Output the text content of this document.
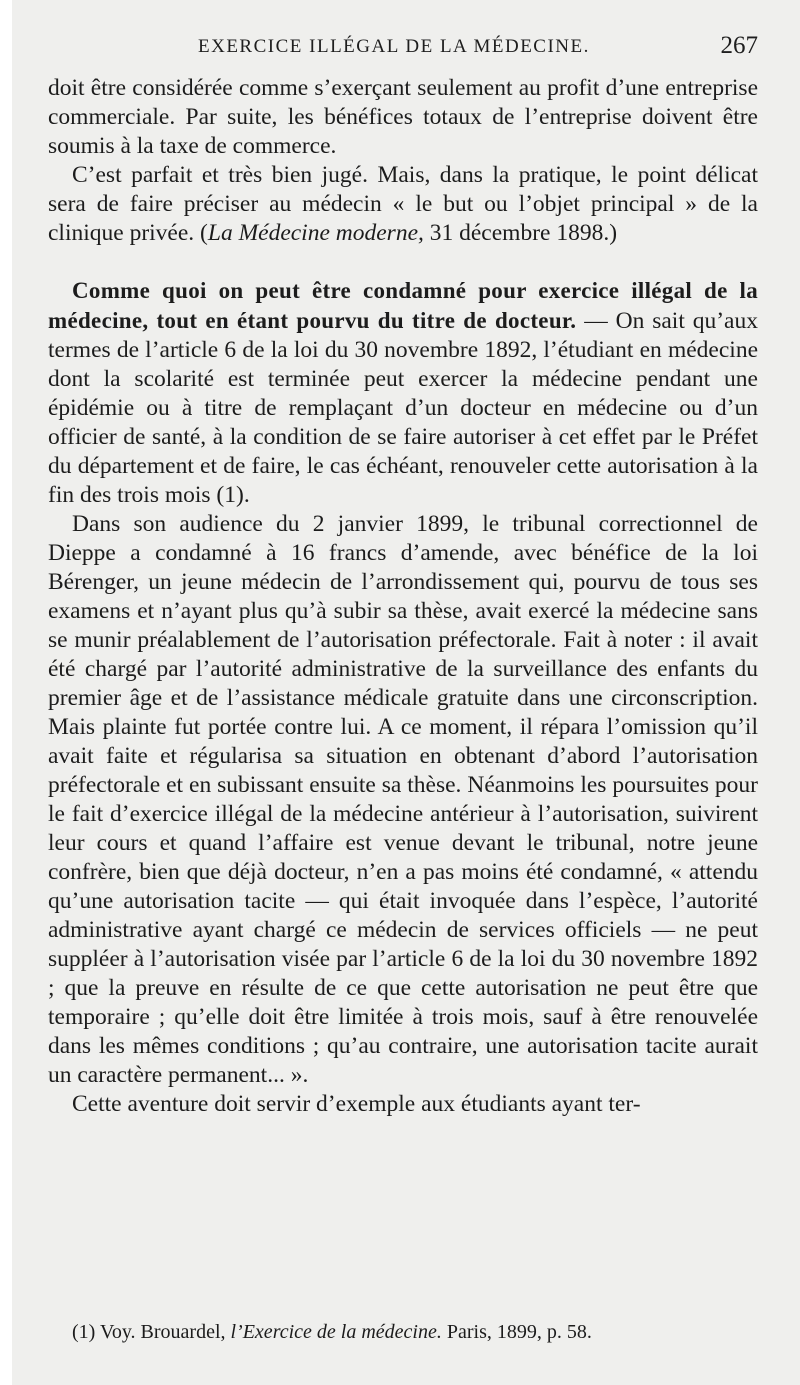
EXERCICE ILLÉGAL DE LA MÉDECINE.	267

doit être considérée comme s’exerçant seulement au profit d’une entreprise commerciale. Par suite, les bénéfices totaux de l’entreprise doivent être soumis à la taxe de commerce.

C’est parfait et très bien jugé. Mais, dans la pratique, le point délicat sera de faire préciser au médecin « le but ou l’objet principal » de la clinique privée. (La Médecine moderne, 31 décembre 1898.)

Comme quoi on peut être condamné pour exercice illégal de la médecine, tout en étant pourvu du titre de docteur. — On sait qu’aux termes de l’article 6 de la loi du 30 novembre 1892, l’étudiant en médecine dont la scolarité est terminée peut exercer la médecine pendant une épidémie ou à titre de remplaçant d’un docteur en médecine ou d’un officier de santé, à la condition de se faire autoriser à cet effet par le Préfet du département et de faire, le cas échéant, renouveler cette autorisation à la fin des trois mois (1).

Dans son audience du 2 janvier 1899, le tribunal correctionnel de Dieppe a condamné à 16 francs d’amende, avec bénéfice de la loi Bérenger, un jeune médecin de l’arrondissement qui, pourvu de tous ses examens et n’ayant plus qu’à subir sa thèse, avait exercé la médecine sans se munir préalablement de l’autorisation préfectorale. Fait à noter : il avait été chargé par l’autorité administrative de la surveillance des enfants du premier âge et de l’assistance médicale gratuite dans une circonscription. Mais plainte fut portée contre lui. A ce moment, il répara l’omission qu’il avait faite et régularisa sa situation en obtenant d’abord l’autorisation préfectorale et en subissant ensuite sa thèse. Néanmoins les poursuites pour le fait d’exercice illégal de la médecine antérieur à l’autorisation, suivirent leur cours et quand l’affaire est venue devant le tribunal, notre jeune confrère, bien que déjà docteur, n’en a pas moins été condamné, « attendu qu’une autorisation tacite — qui était invoquée dans l’espèce, l’autorité administrative ayant chargé ce médecin de services officiels — ne peut suppléer à l’autorisation visée par l’article 6 de la loi du 30 novembre 1892 ; que la preuve en résulte de ce que cette autorisation ne peut être que temporaire ; qu’elle doit être limitée à trois mois, sauf à être renouvelée dans les mêmes conditions ; qu’au contraire, une autorisation tacite aurait un caractère permanent... ».

Cette aventure doit servir d’exemple aux étudiants ayant ter-

(1) Voy. Brouardel, l’Exercice de la médecine. Paris, 1899, p. 58.
